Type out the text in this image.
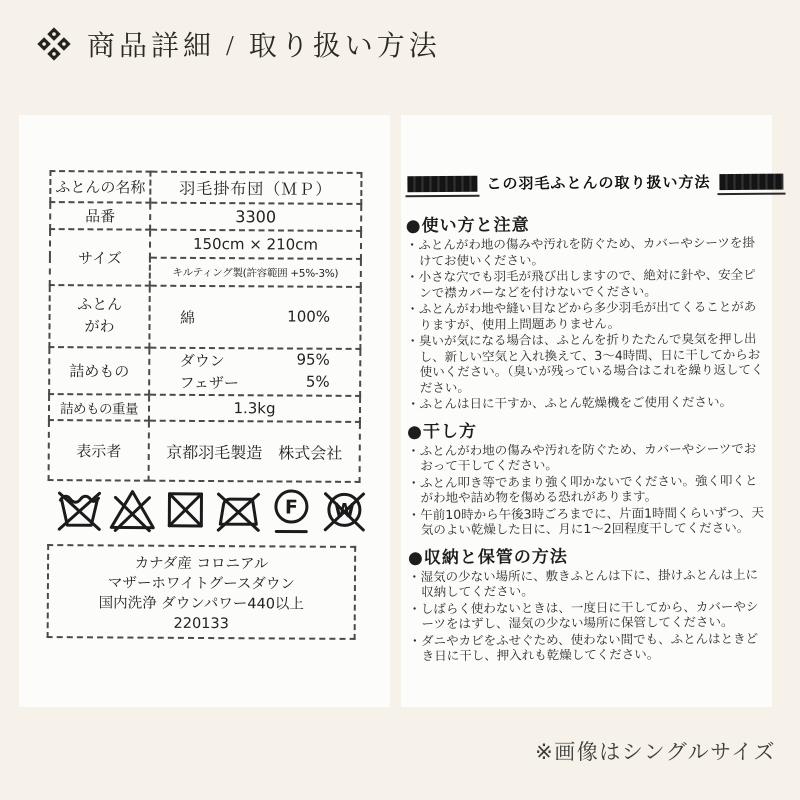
商品詳細 / 取り扱い方法
ふとんの名称	羽毛掛布団（ＭＰ）
品番	3300
サイズ	150cm × 210cm
	キルティング製(許容範囲 +5%-3%)
ふとん
がわ	綿 100%

詰めもの	ダウン 95%
フェザー 5%

詰めもの重量	1.3kg
表示者	京都羽毛製造　株式会社
F W
カナダ産 コロニアル
マザーホワイトグースダウン
国内洗浄 ダウンパワー440以上
220133
この羽毛ふとんの取り扱い方法
●使い方と注意
・ふとんがわ地の傷みや汚れを防ぐため、カバーやシーツを掛けてお使いください。
・小さな穴でも羽毛が飛び出しますので、絶対に針や、安全ピンで襟カバーなどを付けないでください。
・ふとんがわ地や縫い目などから多少羽毛が出てくることがありますが、使用上問題ありません。
・臭いが気になる場合は、ふとんを折りたたんで臭気を押し出し、新しい空気と入れ換えて、3～4時間、日に干してからお使いください。（臭いが残っている場合はこれを繰り返してください。
・ふとんは日に干すか、ふとん乾燥機をご使用ください。
●干し方
・ふとんがわ地の傷みや汚れを防ぐため、カバーやシーツでおおって干してください。
・ふとん叩き等であまり強く叩かないでください。強く叩くとがわ地や詰め物を傷める恐れがあります。
・午前10時から午後3時ごろまでに、片面1時間くらいずつ、天気のよい乾燥した日に、月に1～2回程度干してください。
●収納と保管の方法
・湿気の少ない場所に、敷きふとんは下に、掛けふとんは上に収納してください。
・しばらく使わないときは、一度日に干してから、カバーやシーツをはずし、湿気の少ない場所に保管してください。
・ダニやカビをふせぐため、使わない間でも、ふとんはときどき日に干し、押入れも乾燥してください。
※画像はシングルサイズ
